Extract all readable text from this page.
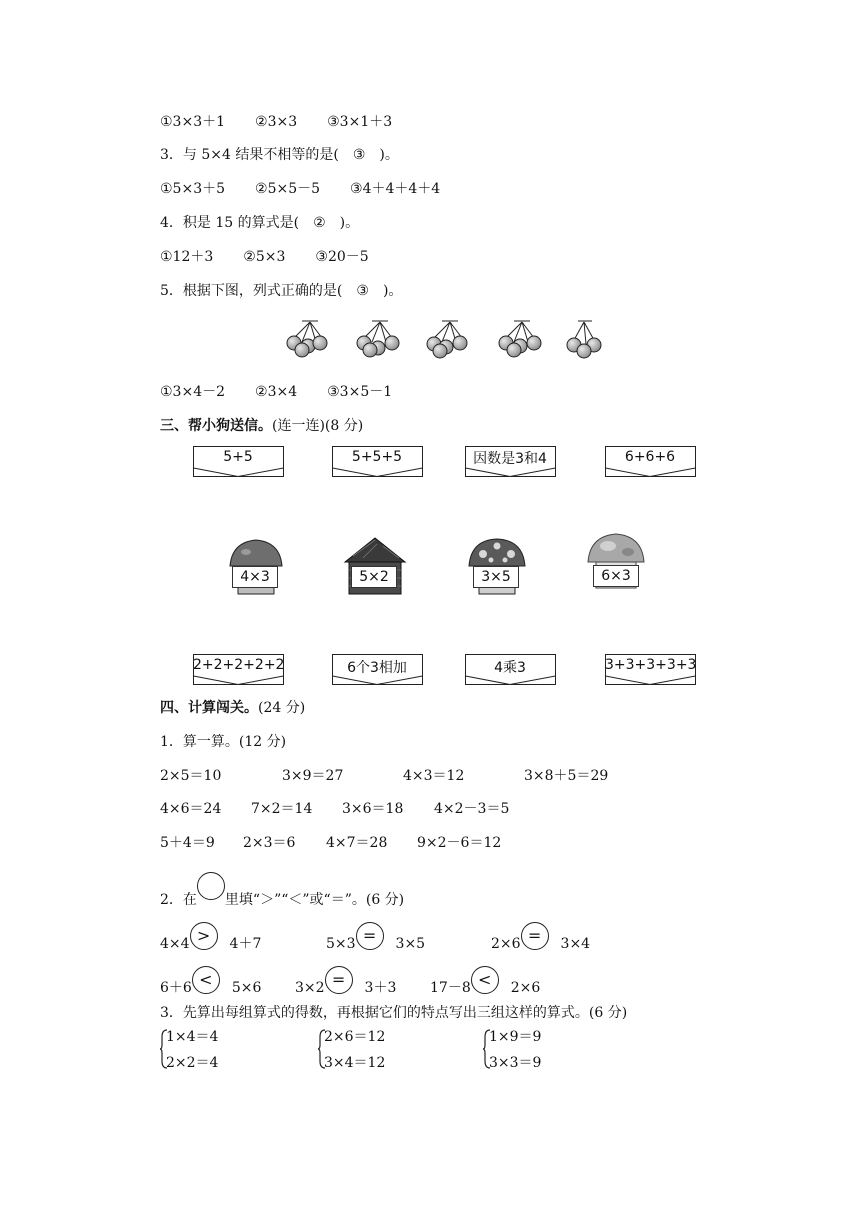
①3×3＋1 ②3×3 ③3×1＋3
3．与 5×4 结果不相等的是( ③ )。
①5×3＋5 ②5×5－5 ③4＋4＋4＋4
4．积是 15 的算式是( ② )。
①12＋3 ②5×3 ③20－5
5．根据下图，列式正确的是( ③ )。
①3×4－2 ②3×4 ③3×5－1
三、帮小狗送信。(连一连)(8 分)
5+5	5+5+5	因数是3和4	6+6+6
4×3	5×2	3×5	6×3
2+2+2+2+2	6个3相加	4乘3	3+3+3+3+3
四、计算闯关。(24 分)
1．算一算。(12 分)
2×5＝10	3×9＝27	4×3＝12	3×8＋5＝29
4×6＝24 7×2＝14 3×6＝18 4×2－3＝5
5＋4＝9 2×3＝6 4×7＝28 9×2－6＝12
2．在 里填“＞”“＜”或“＝”。(6 分)
4×4 > 4＋7	5×3 = 3×5	2×6 = 3×4
6＋6 < 5×6 3×2 = 3＋3 17－8 < 2×6
3．先算出每组算式的得数，再根据它们的特点写出三组这样的算式。(6 分)
1×4＝4
2×2＝4
2×6＝12
3×4＝12
1×9＝9
3×3＝9
